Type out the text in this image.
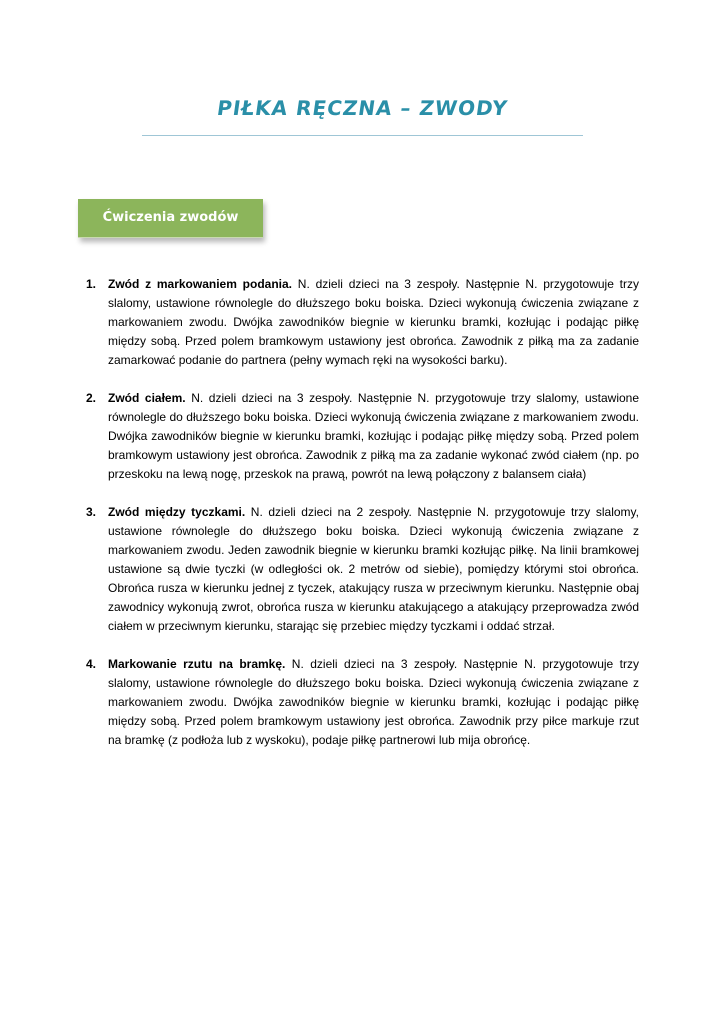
PIŁKA RĘCZNA – ZWODY
Ćwiczenia zwodów
1. Zwód z markowaniem podania. N. dzieli dzieci na 3 zespoły. Następnie N. przygotowuje trzy slalomy, ustawione równolegle do dłuższego boku boiska. Dzieci wykonują ćwiczenia związane z markowaniem zwodu. Dwójka zawodników biegnie w kierunku bramki, kozłując i podając piłkę między sobą. Przed polem bramkowym ustawiony jest obrońca. Zawodnik z piłką ma za zadanie zamarkować podanie do partnera (pełny wymach ręki na wysokości barku).
2. Zwód ciałem. N. dzieli dzieci na 3 zespoły. Następnie N. przygotowuje trzy slalomy, ustawione równolegle do dłuższego boku boiska. Dzieci wykonują ćwiczenia związane z markowaniem zwodu. Dwójka zawodników biegnie w kierunku bramki, kozłując i podając piłkę między sobą. Przed polem bramkowym ustawiony jest obrońca. Zawodnik z piłką ma za zadanie wykonać zwód ciałem (np. po przeskoku na lewą nogę, przeskok na prawą, powrót na lewą połączony z balansem ciała)
3. Zwód między tyczkami. N. dzieli dzieci na 2 zespoły. Następnie N. przygotowuje trzy slalomy, ustawione równolegle do dłuższego boku boiska. Dzieci wykonują ćwiczenia związane z markowaniem zwodu. Jeden zawodnik biegnie w kierunku bramki kozłując piłkę. Na linii bramkowej ustawione są dwie tyczki (w odległości ok. 2 metrów od siebie), pomiędzy którymi stoi obrońca. Obrońca rusza w kierunku jednej z tyczek, atakujący rusza w przeciwnym kierunku. Następnie obaj zawodnicy wykonują zwrot, obrońca rusza w kierunku atakującego a atakujący przeprowadza zwód ciałem w przeciwnym kierunku, starając się przebiec między tyczkami i oddać strzał.
4. Markowanie rzutu na bramkę. N. dzieli dzieci na 3 zespoły. Następnie N. przygotowuje trzy slalomy, ustawione równolegle do dłuższego boku boiska. Dzieci wykonują ćwiczenia związane z markowaniem zwodu. Dwójka zawodników biegnie w kierunku bramki, kozłując i podając piłkę między sobą. Przed polem bramkowym ustawiony jest obrońca. Zawodnik przy piłce markuje rzut na bramkę (z podłoża lub z wyskoku), podaje piłkę partnerowi lub mija obrońcę.
